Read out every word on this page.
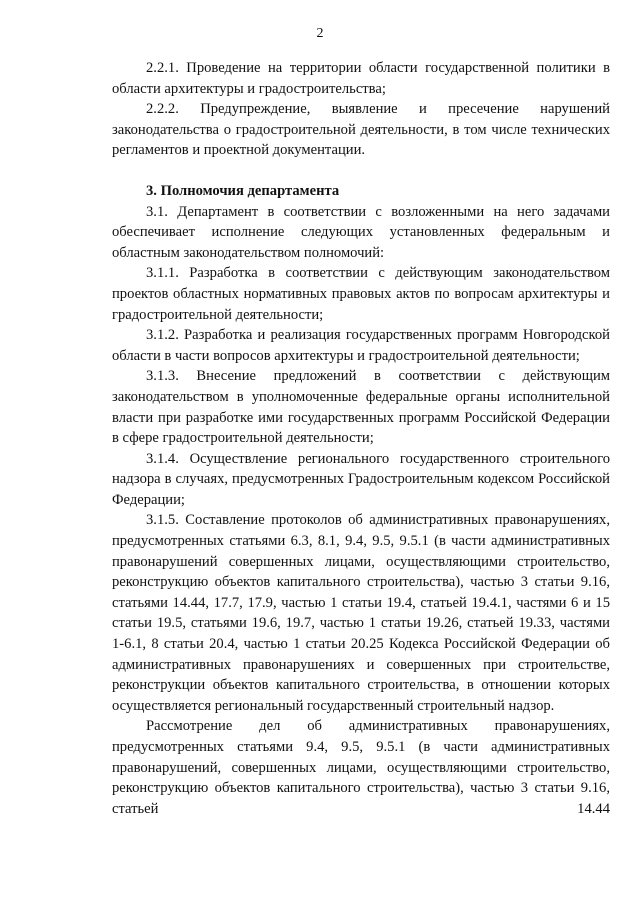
2

2.2.1. Проведение на территории области государственной политики в области архитектуры и градостроительства;

2.2.2. Предупреждение, выявление и пресечение нарушений законодательства о градостроительной деятельности, в том числе технических регламентов и проектной документации.

3. Полномочия департамента

3.1. Департамент в соответствии с возложенными на него задачами обеспечивает исполнение следующих установленных федеральным и областным законодательством полномочий:

3.1.1. Разработка в соответствии с действующим законодательством проектов областных нормативных правовых актов по вопросам архитектуры и градостроительной деятельности;

3.1.2. Разработка и реализация государственных программ Новгородской области в части вопросов архитектуры и градостроительной деятельности;

3.1.3. Внесение предложений в соответствии с действующим законодательством в уполномоченные федеральные органы исполнительной власти при разработке ими государственных программ Российской Федерации в сфере градостроительной деятельности;

3.1.4. Осуществление регионального государственного строительного надзора в случаях, предусмотренных Градостроительным кодексом Российской Федерации;

3.1.5. Составление протоколов об административных правонарушениях, предусмотренных статьями 6.3, 8.1, 9.4, 9.5, 9.5.1 (в части административных правонарушений совершенных лицами, осуществляющими строительство, реконструкцию объектов капитального строительства), частью 3 статьи 9.16, статьями 14.44, 17.7, 17.9, частью 1 статьи 19.4, статьей 19.4.1, частями 6 и 15 статьи 19.5, статьями 19.6, 19.7, частью 1 статьи 19.26, статьей 19.33, частями 1-6.1, 8 статьи 20.4, частью 1 статьи 20.25 Кодекса Российской Федерации об административных правонарушениях и совершенных при строительстве, реконструкции объектов капитального строительства, в отношении которых осуществляется региональный государственный строительный надзор.

Рассмотрение дел об административных правонарушениях, предусмотренных статьями 9.4, 9.5, 9.5.1 (в части административных правонарушений, совершенных лицами, осуществляющими строительство, реконструкцию объектов капитального строительства), частью 3 статьи 9.16, статьей 14.44
